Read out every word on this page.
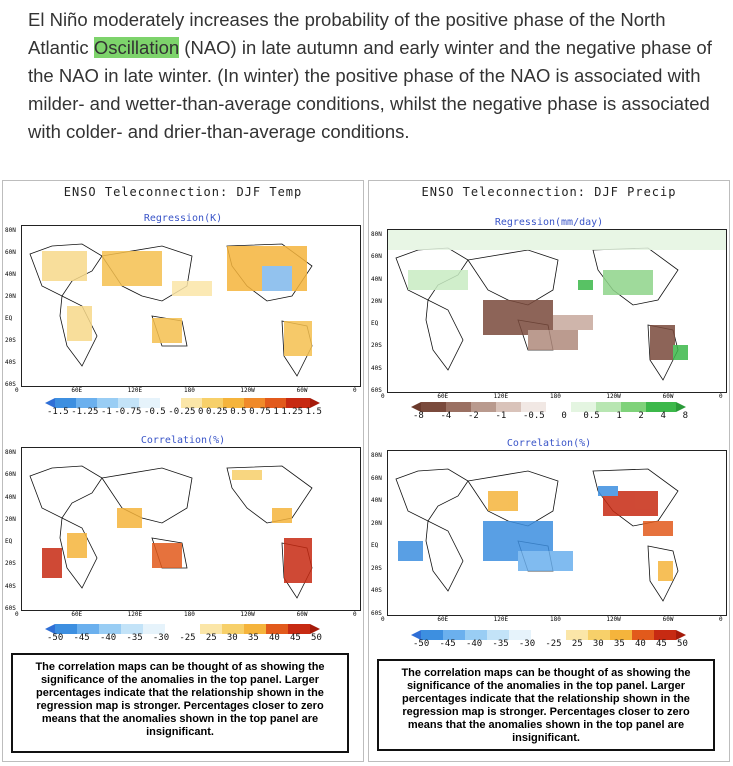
El Niño moderately increases the probability of the positive phase of the North Atlantic Oscillation (NAO) in late autumn and early winter and the negative phase of the NAO in late winter. (In winter) the positive phase of the NAO is associated with milder- and wetter-than-average conditions, whilst the negative phase is associated with colder- and drier-than-average conditions.
ENSO Teleconnection: DJF Temp
Regression(K)
-1.5 -1.25 -1 -0.75 -0.5 -0.25 0 0.25 0.5 0.75 1 1.25 1.5
Correlation(%)
-50 -45 -40 -35 -30 -25 25 30 35 40 45 50
The correlation maps can be thought of as showing the significance of the anomalies in the top panel. Larger percentages indicate that the relationship shown in the regression map is stronger. Percentages closer to zero means that the anomalies shown in the top panel are insignificant.
80N
60N
40N
20N
EQ
20S
40S
60S
0	60E	120E	180	120W	60W	0
80N
60N
40N
20N
EQ
20S
40S
60S
0	60E	120E	180	120W	60W	0
ENSO Teleconnection: DJF Precip
Regression(mm/day)
-8 -4 -2 -1 -0.5 0 0.5 1 2 4 8
Correlation(%)
-50 -45 -40 -35 -30 -25 25 30 35 40 45 50
The correlation maps can be thought of as showing the significance of the anomalies in the top panel. Larger percentages indicate that the relationship shown in the regression map is stronger. Percentages closer to zero means that the anomalies shown in the top panel are insignificant.
80N
60N
40N
20N
EQ
20S
40S
60S
0	60E	120E	180	120W	60W	0
80N
60N
40N
20N
EQ
20S
40S
60S
0	60E	120E	180	120W	60W	0
